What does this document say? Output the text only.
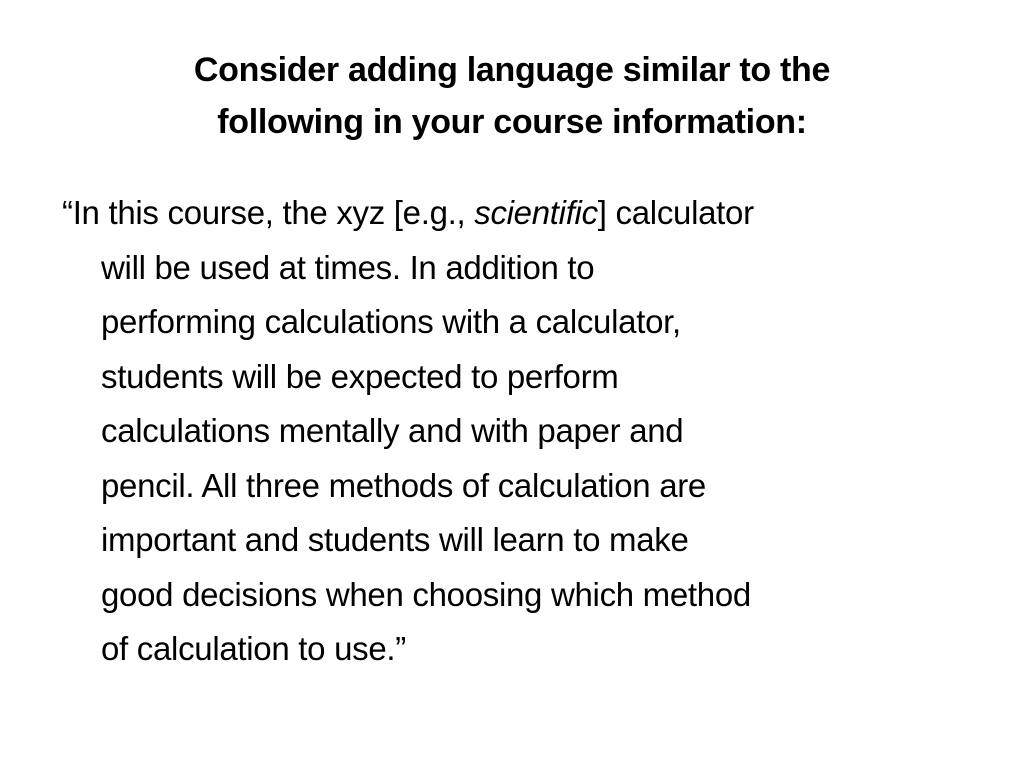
Consider adding language similar to the
following in your course information:
“In this course, the xyz [e.g., scientific] calculator
will be used at times. In addition to
performing calculations with a calculator,
students will be expected to perform
calculations mentally and with paper and
pencil. All three methods of calculation are
important and students will learn to make
good decisions when choosing which method
of calculation to use.”
